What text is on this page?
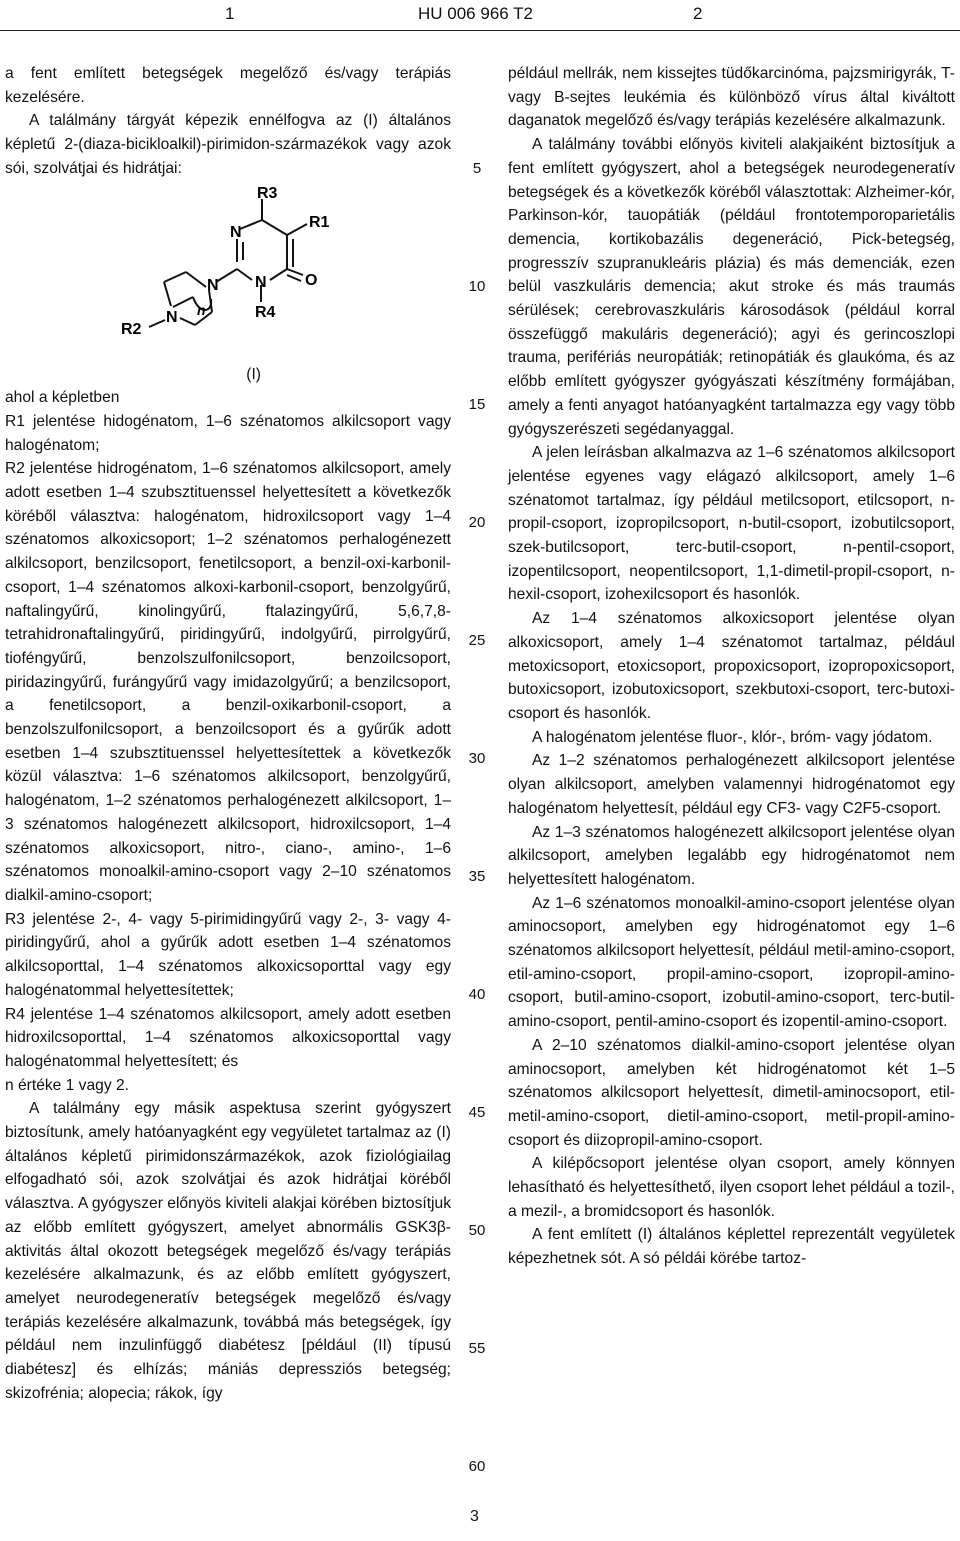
1	HU 006 966 T2	2

a fent említett betegségek megelőző és/vagy terápiás kezelésére.

A találmány tárgyát képezik ennélfogva az (I) általános képletű 2-(diaza-bicikloalkil)-pirimidon-származékok vagy azok sói, szolvátjai és hidrátjai:

R3
R1
N
N
N	O
R4
N n
R2
(I)

ahol a képletben

R1 jelentése hidogénatom, 1–6 szénatomos alkilcsoport vagy halogénatom;

R2 jelentése hidrogénatom, 1–6 szénatomos alkilcsoport, amely adott esetben 1–4 szubsztituenssel helyettesített a következők köréből választva: halogénatom, hidroxilcsoport vagy 1–4 szénatomos alkoxicsoport; 1–2 szénatomos perhalogénezett alkilcsoport, benzilcsoport, fenetilcsoport, a benzil-oxi-karbonil-csoport, 1–4 szénatomos alkoxi-karbonil-csoport, benzolgyűrű, naftalingyűrű, kinolingyűrű, ftalazingyűrű, 5,6,7,8-tetrahidronaftalingyűrű, piridingyűrű, indolgyűrű, pirrolgyűrű, tioféngyűrű, benzolszulfonilcsoport, benzoilcsoport, piridazingyűrű, furángyűrű vagy imidazolgyűrű; a benzilcsoport, a fenetilcsoport, a benzil-oxikarbonil-csoport, a benzolszulfonilcsoport, a benzoilcsoport és a gyűrűk adott esetben 1–4 szubsztituenssel helyettesítettek a következők közül választva: 1–6 szénatomos alkilcsoport, benzolgyűrű, halogénatom, 1–2 szénatomos perhalogénezett alkilcsoport, 1–3 szénatomos halogénezett alkilcsoport, hidroxilcsoport, 1–4 szénatomos alkoxicsoport, nitro-, ciano-, amino-, 1–6 szénatomos monoalkil-amino-csoport vagy 2–10 szénatomos dialkil-amino-csoport;

R3 jelentése 2-, 4- vagy 5-pirimidingyűrű vagy 2-, 3- vagy 4-piridingyűrű, ahol a gyűrűk adott esetben 1–4 szénatomos alkilcsoporttal, 1–4 szénatomos alkoxicsoporttal vagy egy halogénatommal helyettesítettek;

R4 jelentése 1–4 szénatomos alkilcsoport, amely adott esetben hidroxilcsoporttal, 1–4 szénatomos alkoxicsoporttal vagy halogénatommal helyettesített; és

n értéke 1 vagy 2.

A találmány egy másik aspektusa szerint gyógyszert biztosítunk, amely hatóanyagként egy vegyületet tartalmaz az (I) általános képletű pirimidonszármazékok, azok fiziológiailag elfogadható sói, azok szolvátjai és azok hidrátjai köréből választva. A gyógyszer előnyös kiviteli alakjai körében biztosítjuk az előbb említett gyógyszert, amelyet abnormális GSK3β-aktivitás által okozott betegségek megelőző és/vagy terápiás kezelésére alkalmazunk, és az előbb említett gyógyszert, amelyet neurodegeneratív betegségek megelőző és/vagy terápiás kezelésére alkalmazunk, továbbá más betegségek, így például nem inzulinfüggő diabétesz [például (II) típusú diabétesz] és elhízás; mániás depressziós betegség; skizofrénia; alopecia; rákok, így

5
10
15
20
25
30
35
40
45
50
55
60

például mellrák, nem kissejtes tüdőkarcinóma, pajzsmirigyrák, T- vagy B-sejtes leukémia és különböző vírus által kiváltott daganatok megelőző és/vagy terápiás kezelésére alkalmazunk.

A találmány további előnyös kiviteli alakjaiként biztosítjuk a fent említett gyógyszert, ahol a betegségek neurodegeneratív betegségek és a következők köréből választottak: Alzheimer-kór, Parkinson-kór, tauopátiák (például frontotemporoparietális demencia, kortikobazális degeneráció, Pick-betegség, progresszív szupranukleáris plázia) és más demenciák, ezen belül vaszkuláris demencia; akut stroke és más traumás sérülések; cerebrovaszkuláris károsodások (például korral összefüggő makuláris degeneráció); agyi és gerincoszlopi trauma, perifériás neuropátiák; retinopátiák és glaukóma, és az előbb említett gyógyszer gyógyászati készítmény formájában, amely a fenti anyagot hatóanyagként tartalmazza egy vagy több gyógyszerészeti segédanyaggal.

A jelen leírásban alkalmazva az 1–6 szénatomos alkilcsoport jelentése egyenes vagy elágazó alkilcsoport, amely 1–6 szénatomot tartalmaz, így például metilcsoport, etilcsoport, n-propil-csoport, izopropilcsoport, n-butil-csoport, izobutilcsoport, szek-butilcsoport, terc-butil-csoport, n-pentil-csoport, izopentilcsoport, neopentilcsoport, 1,1-dimetil-propil-csoport, n-hexil-csoport, izohexilcsoport és hasonlók.

Az 1–4 szénatomos alkoxicsoport jelentése olyan alkoxicsoport, amely 1–4 szénatomot tartalmaz, például metoxicsoport, etoxicsoport, propoxicsoport, izopropoxicsoport, butoxicsoport, izobutoxicsoport, szekbutoxi-csoport, terc-butoxi-csoport és hasonlók.

A halogénatom jelentése fluor-, klór-, bróm- vagy jódatom.

Az 1–2 szénatomos perhalogénezett alkilcsoport jelentése olyan alkilcsoport, amelyben valamennyi hidrogénatomot egy halogénatom helyettesít, például egy CF3- vagy C2F5-csoport.

Az 1–3 szénatomos halogénezett alkilcsoport jelentése olyan alkilcsoport, amelyben legalább egy hidrogénatomot nem helyettesített halogénatom.

Az 1–6 szénatomos monoalkil-amino-csoport jelentése olyan aminocsoport, amelyben egy hidrogénatomot egy 1–6 szénatomos alkilcsoport helyettesít, például metil-amino-csoport, etil-amino-csoport, propil-amino-csoport, izopropil-amino-csoport, butil-amino-csoport, izobutil-amino-csoport, terc-butil-amino-csoport, pentil-amino-csoport és izopentil-amino-csoport.

A 2–10 szénatomos dialkil-amino-csoport jelentése olyan aminocsoport, amelyben két hidrogénatomot két 1–5 szénatomos alkilcsoport helyettesít, dimetil-aminocsoport, etil-metil-amino-csoport, dietil-amino-csoport, metil-propil-amino-csoport és diizopropil-amino-csoport.

A kilépőcsoport jelentése olyan csoport, amely könnyen lehasítható és helyettesíthető, ilyen csoport lehet például a tozil-, a mezil-, a bromidcsoport és hasonlók.

A fent említett (I) általános képlettel reprezentált vegyületek képezhetnek sót. A só példái körébe tartoz-

3
